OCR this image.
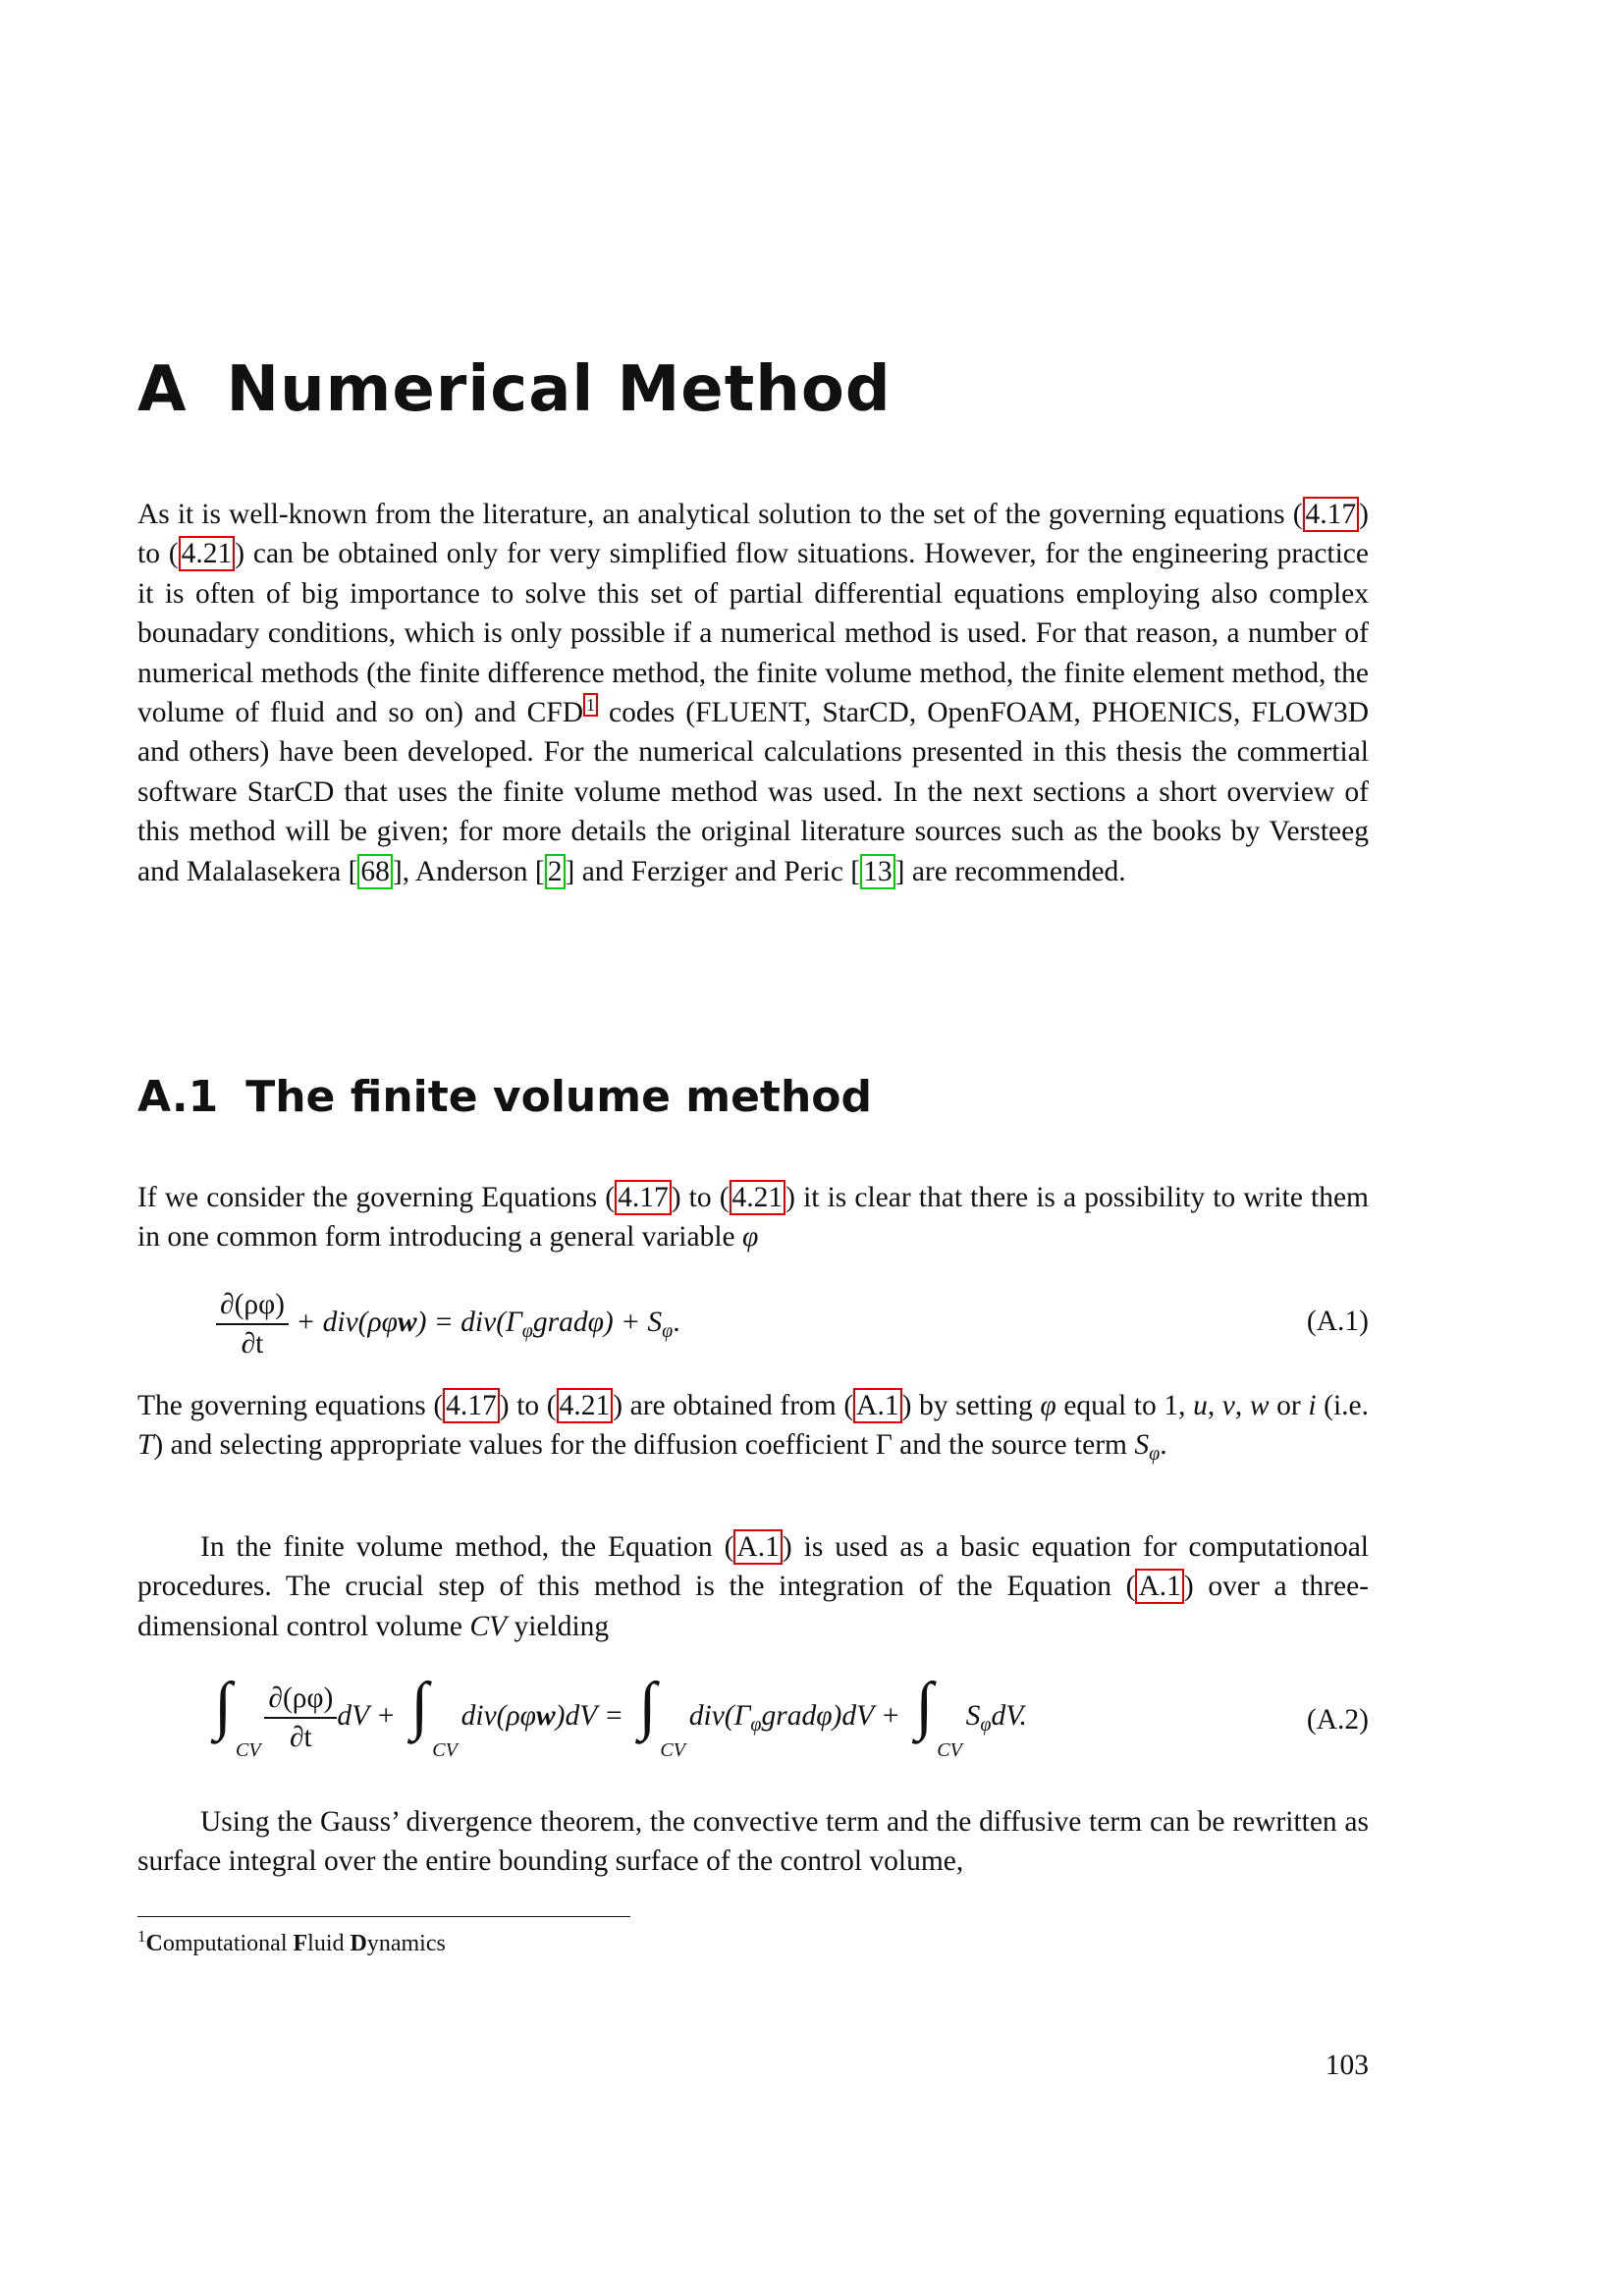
A Numerical Method

As it is well-known from the literature, an analytical solution to the set of the governing equations ( 4.17 ) to ( 4.21 ) can be obtained only for very simplified flow situations. However, for the engineering practice it is often of big importance to solve this set of partial differential equations employing also complex bounadary conditions, which is only possible if a numerical method is used. For that reason, a number of numerical methods (the finite difference method, the finite volume method, the finite element method, the volume of fluid and so on) and CFD $^1$ codes (FLUENT, StarCD, OpenFOAM, PHOENICS, FLOW3D and others) have been developed. For the numerical calculations presented in this thesis the commertial software StarCD that uses the finite volume method was used. In the next sections a short overview of this method will be given; for more details the original literature sources such as the books by Versteeg and Malalasekera [ 68 ], Anderson [ 2 ] and Ferziger and Peric [ 13 ] are recommended.

A.1 The finite volume method

If we consider the governing Equations ( 4.17 ) to ( 4.21 ) it is clear that there is a possibility to write them in one common form introducing a general variable φ

$\frac{\partial(\rho\varphi)}{\partial t} + div(\rho\varphi w)$ = $div(\Gamma_\varphi grad\varphi) + S_\varphi$.	(A.1)

The governing equations ( 4.17 ) to ( 4.21 ) are obtained from ( A.1 ) by setting φ equal to 1, u, v, w or i (i.e. T) and selecting appropriate values for the diffusion coefficient Γ and the source term $S_\varphi$.

In the finite volume method, the Equation ( A.1 ) is used as a basic equation for computationoal procedures. The crucial step of this method is the integration of the Equation ( A.1 ) over a three-dimensional control volume CV yielding

∫
CV
$\frac{\partial(\rho\varphi)}{\partial t}$ dV + ∫
CV
div(ρφw)dV = ∫
CV
$div(\Gamma_\varphi grad\varphi)dV$ + ∫
CV
$S_\varphi dV$.	(A.2)

Using the Gauss’ divergence theorem, the convective term and the diffusive term can be rewritten as surface integral over the entire bounding surface of the control volume,

$^1$Computational Fluid Dynamics

103
